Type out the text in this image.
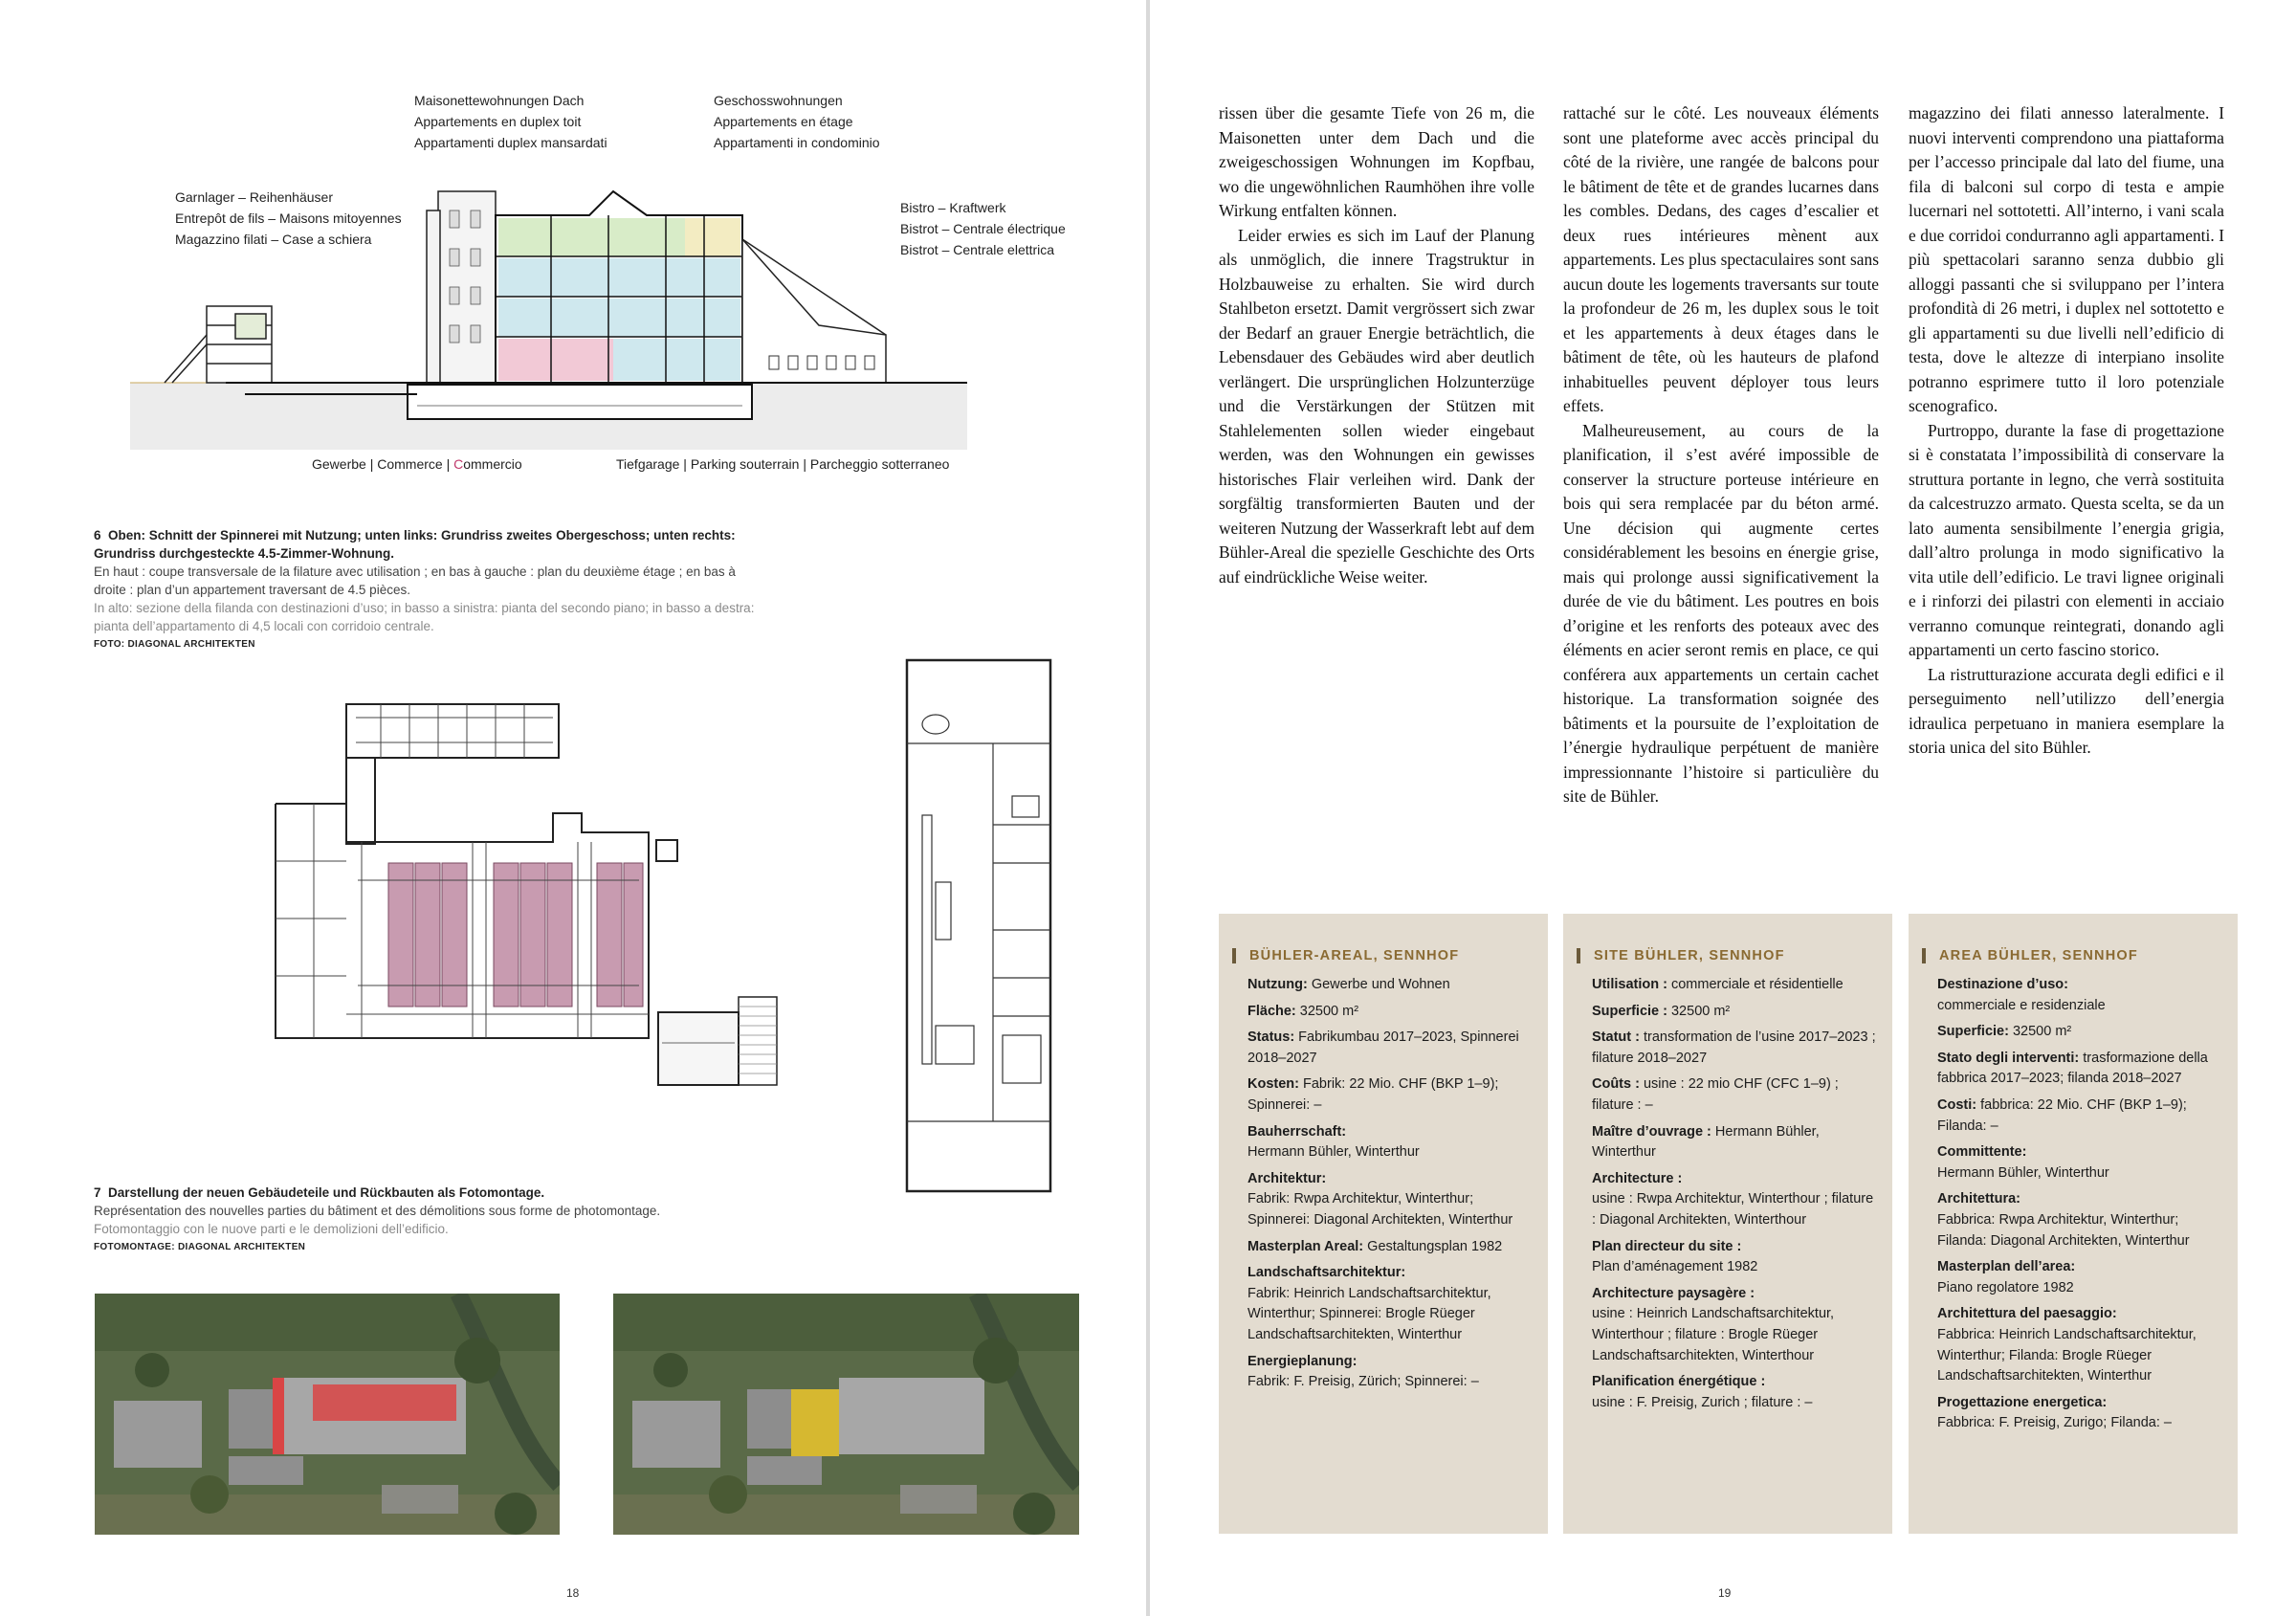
Maisonettewohnungen Dach
Appartements en duplex toit
Appartamenti duplex mansardati
Geschosswohnungen
Appartements en étage
Appartamenti in condominio
Garnlager – Reihenhäuser
Entrepôt de fils – Maisons mitoyennes
Magazzino filati – Case a schiera
Bistro – Kraftwerk
Bistrot – Centrale électrique
Bistrot – Centrale elettrica
Gewerbe | Commerce | Commercio	Tiefgarage | Parking souterrain | Parcheggio sotterraneo
6 Oben: Schnitt der Spinnerei mit Nutzung; unten links: Grundriss zweites Obergeschoss; unten rechts: Grundriss durchgesteckte 4.5-Zimmer-Wohnung.
En haut : coupe transversale de la filature avec utilisation ; en bas à gauche : plan du deuxième étage ; en bas à droite : plan d’un appartement traversant de 4.5 pièces.
In alto: sezione della filanda con destinazioni d’uso; in basso a sinistra: pianta del secondo piano; in basso a destra: pianta dell’appartamento di 4,5 locali con corridoio centrale.
FOTO: DIAGONAL ARCHITEKTEN
7 Darstellung der neuen Gebäudeteile und Rückbauten als Fotomontage.
Représentation des nouvelles parties du bâtiment et des démolitions sous forme de photomontage.
Fotomontaggio con le nuove parti e le demolizioni dell’edificio.
FOTOMONTAGE: DIAGONAL ARCHITEKTEN
18

rissen über die gesamte Tiefe von 26 m, die Maisonetten unter dem Dach und die zweigeschossigen Wohnungen im Kopfbau, wo die ungewöhnlichen Raumhöhen ihre volle Wirkung entfalten können.

Leider erwies es sich im Lauf der Planung als unmöglich, die innere Tragstruktur in Holzbauweise zu erhalten. Sie wird durch Stahlbeton ersetzt. Damit vergrössert sich zwar der Bedarf an grauer Energie beträchtlich, die Lebensdauer des Gebäudes wird aber deutlich verlängert. Die ursprünglichen Holzunterzüge und die Verstärkungen der Stützen mit Stahlelementen sollen wieder eingebaut werden, was den Wohnungen ein gewisses historisches Flair verleihen wird. Dank der sorgfältig transformierten Bauten und der weiteren Nutzung der Wasserkraft lebt auf dem Bühler-Areal die spezielle Geschichte des Orts auf eindrückliche Weise weiter.

rattaché sur le côté. Les nouveaux éléments sont une plateforme avec accès principal du côté de la rivière, une rangée de balcons pour le bâtiment de tête et de grandes lucarnes dans les combles. Dedans, des cages d’escalier et deux rues intérieures mènent aux appartements. Les plus spectaculaires sont sans aucun doute les logements traversants sur toute la profondeur de 26 m, les duplex sous le toit et les appartements à deux étages dans le bâtiment de tête, où les hauteurs de plafond inhabituelles peuvent déployer tous leurs effets.

Malheureusement, au cours de la planification, il s’est avéré impossible de conserver la structure porteuse intérieure en bois qui sera remplacée par du béton armé. Une décision qui augmente certes considérablement les besoins en énergie grise, mais qui prolonge aussi significativement la durée de vie du bâtiment. Les poutres en bois d’origine et les renforts des poteaux avec des éléments en acier seront remis en place, ce qui conférera aux appartements un certain cachet historique. La transformation soignée des bâtiments et la poursuite de l’exploitation de l’énergie hydraulique perpétuent de manière impressionnante l’histoire si particulière du site de Bühler.

magazzino dei filati annesso lateralmente. I nuovi interventi comprendono una piattaforma per l’accesso principale dal lato del fiume, una fila di balconi sul corpo di testa e ampie lucernari nel sottotetti. All’interno, i vani scala e due corridoi condurranno agli appartamenti. I più spettacolari saranno senza dubbio gli alloggi passanti che si sviluppano per l’intera profondità di 26 metri, i duplex nel sottotetto e gli appartamenti su due livelli nell’edificio di testa, dove le altezze di interpiano insolite potranno esprimere tutto il loro potenziale scenografico.

Purtroppo, durante la fase di progettazione si è constatata l’impossibilità di conservare la struttura portante in legno, che verrà sostituita da calcestruzzo armato. Questa scelta, se da un lato aumenta sensibilmente l’energia grigia, dall’altro prolunga in modo significativo la vita utile dell’edificio. Le travi lignee originali e i rinforzi dei pilastri con elementi in acciaio verranno comunque reintegrati, donando agli appartamenti un certo fascino storico.

La ristrutturazione accurata degli edifici e il perseguimento nell’utilizzo dell’energia idraulica perpetuano in maniera esemplare la storia unica del sito Bühler.

BÜHLER-AREAL, SENNHOF
Nutzung: Gewerbe und Wohnen
Fläche: 32500 m²
Status: Fabrikumbau 2017–2023, Spinnerei 2018–2027
Kosten: Fabrik: 22 Mio. CHF (BKP 1–9); Spinnerei: –
Bauherrschaft:
Hermann Bühler, Winterthur
Architektur:
Fabrik: Rwpa Architektur, Winterthur; Spinnerei: Diagonal Architekten, Winterthur
Masterplan Areal: Gestaltungsplan 1982
Landschaftsarchitektur:
Fabrik: Heinrich Landschaftsarchitektur, Winterthur; Spinnerei: Brogle Rüeger Landschaftsarchitekten, Winterthur
Energieplanung:
Fabrik: F. Preisig, Zürich; Spinnerei: –
SITE BÜHLER, SENNHOF
Utilisation : commerciale et résidentielle
Superficie : 32500 m²
Statut : transformation de l’usine 2017–2023 ; filature 2018–2027
Coûts : usine : 22 mio CHF (CFC 1–9) ; filature : –
Maître d’ouvrage : Hermann Bühler, Winterthur
Architecture :
usine : Rwpa Architektur, Winterthour ; filature : Diagonal Architekten, Winterthour
Plan directeur du site :
Plan d’aménagement 1982
Architecture paysagère :
usine : Heinrich Landschaftsarchitektur, Winterthour ; filature : Brogle Rüeger Landschaftsarchitekten, Winterthour
Planification énergétique :
usine : F. Preisig, Zurich ; filature : –
AREA BÜHLER, SENNHOF
Destinazione d’uso:
commerciale e residenziale
Superficie: 32500 m²
Stato degli interventi: trasformazione della fabbrica 2017–2023; filanda 2018–2027
Costi: fabbrica: 22 Mio. CHF (BKP 1–9); Filanda: –
Committente:
Hermann Bühler, Winterthur
Architettura:
Fabbrica: Rwpa Architektur, Winterthur; Filanda: Diagonal Architekten, Winterthur
Masterplan dell’area:
Piano regolatore 1982
Architettura del paesaggio:
Fabbrica: Heinrich Landschaftsarchitektur, Winterthur; Filanda: Brogle Rüeger Landschaftsarchitekten, Winterthur
Progettazione energetica:
Fabbrica: F. Preisig, Zurigo; Filanda: –
19
